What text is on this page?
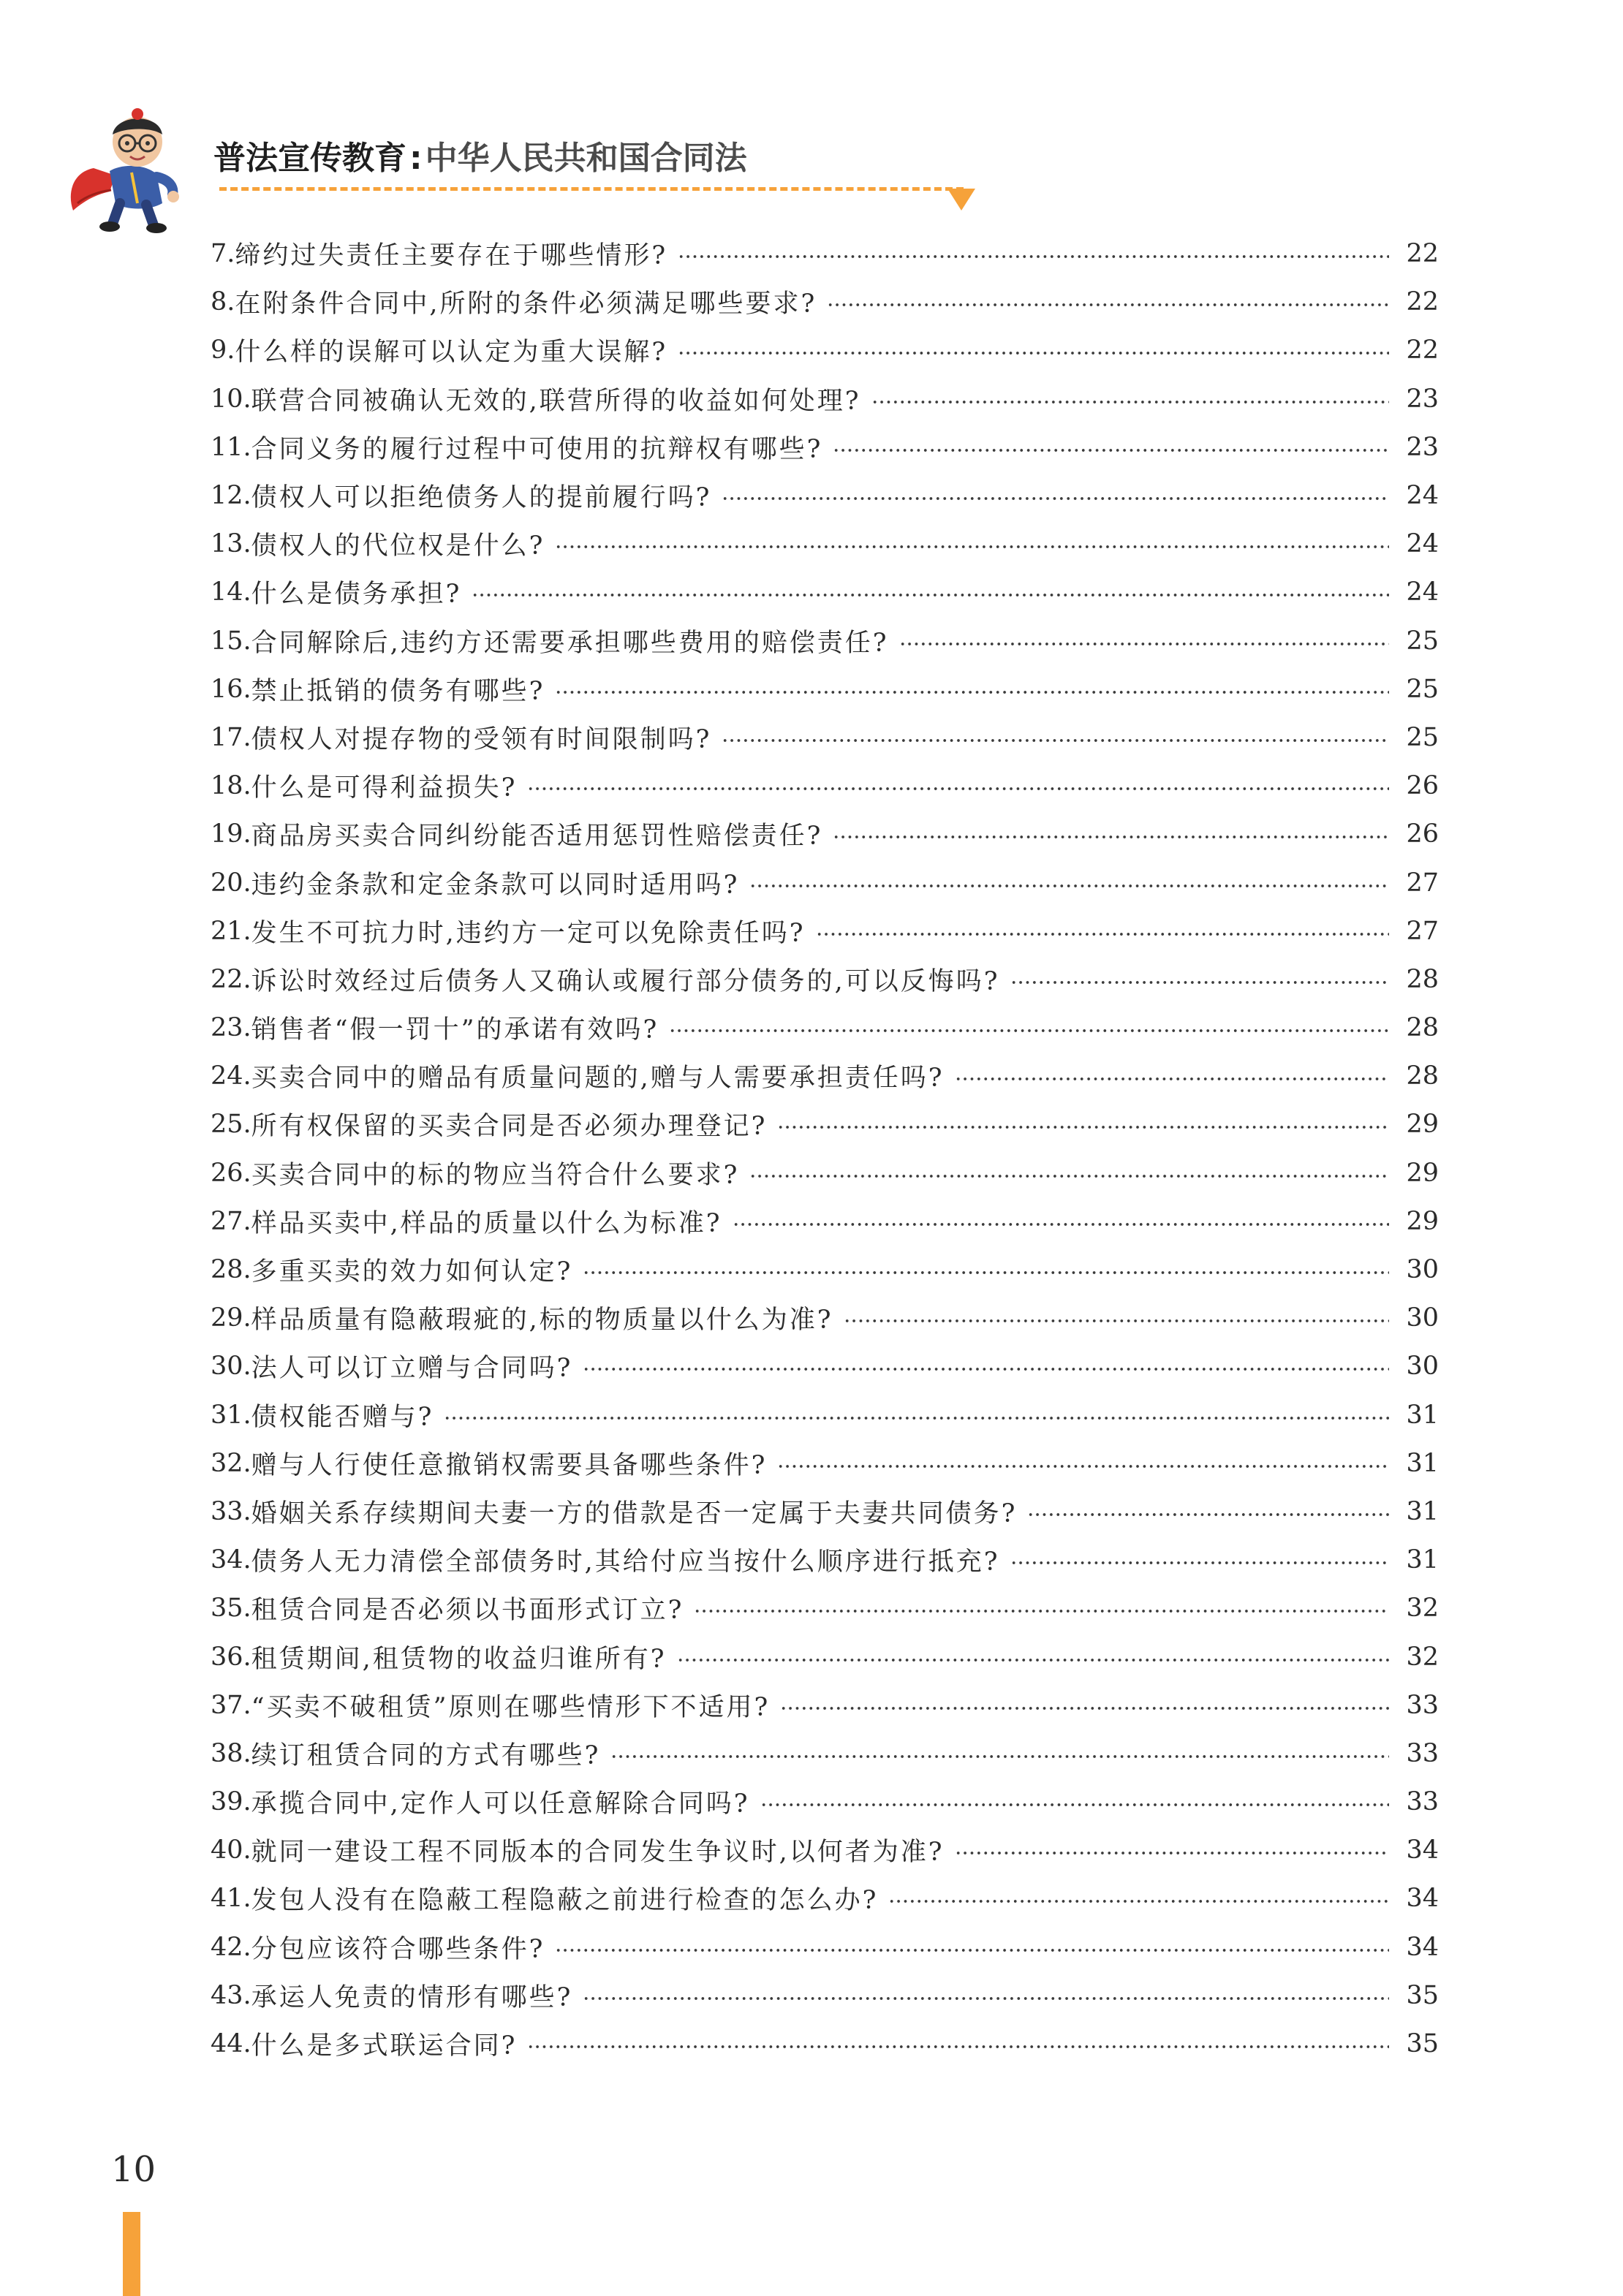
普法宣传教育:中华人民共和国合同法
7. 缔约过失责任主要存在于哪些情形?	22
8. 在附条件合同中,所附的条件必须满足哪些要求?	22
9. 什么样的误解可以认定为重大误解?	22
10. 联营合同被确认无效的,联营所得的收益如何处理?	23
11. 合同义务的履行过程中可使用的抗辩权有哪些?	23
12. 债权人可以拒绝债务人的提前履行吗?	24
13. 债权人的代位权是什么?	24
14. 什么是债务承担?	24
15. 合同解除后,违约方还需要承担哪些费用的赔偿责任?	25
16. 禁止抵销的债务有哪些?	25
17. 债权人对提存物的受领有时间限制吗?	25
18. 什么是可得利益损失?	26
19. 商品房买卖合同纠纷能否适用惩罚性赔偿责任?	26
20. 违约金条款和定金条款可以同时适用吗?	27
21. 发生不可抗力时,违约方一定可以免除责任吗?	27
22. 诉讼时效经过后债务人又确认或履行部分债务的,可以反悔吗?	28
23. 销售者“假一罚十”的承诺有效吗?	28
24. 买卖合同中的赠品有质量问题的,赠与人需要承担责任吗?	28
25. 所有权保留的买卖合同是否必须办理登记?	29
26. 买卖合同中的标的物应当符合什么要求?	29
27. 样品买卖中,样品的质量以什么为标准?	29
28. 多重买卖的效力如何认定?	30
29. 样品质量有隐蔽瑕疵的,标的物质量以什么为准?	30
30. 法人可以订立赠与合同吗?	30
31. 债权能否赠与?	31
32. 赠与人行使任意撤销权需要具备哪些条件?	31
33. 婚姻关系存续期间夫妻一方的借款是否一定属于夫妻共同债务?	31
34. 债务人无力清偿全部债务时,其给付应当按什么顺序进行抵充?	31
35. 租赁合同是否必须以书面形式订立?	32
36. 租赁期间,租赁物的收益归谁所有?	32
37. “买卖不破租赁”原则在哪些情形下不适用?	33
38. 续订租赁合同的方式有哪些?	33
39. 承揽合同中,定作人可以任意解除合同吗?	33
40. 就同一建设工程不同版本的合同发生争议时,以何者为准?	34
41. 发包人没有在隐蔽工程隐蔽之前进行检查的怎么办?	34
42. 分包应该符合哪些条件?	34
43. 承运人免责的情形有哪些?	35
44. 什么是多式联运合同?	35
10
